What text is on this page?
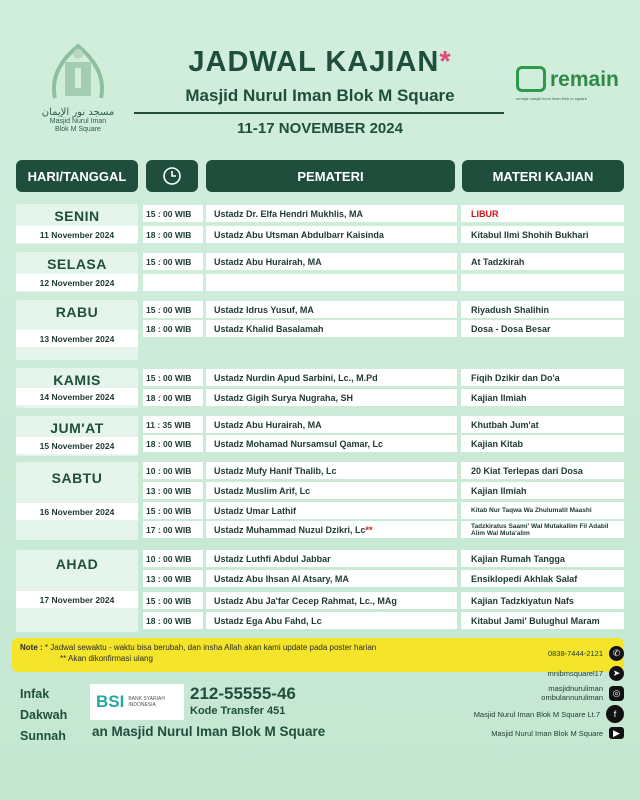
مسجد نور الإيمان
Masjid Nurul Iman
Blok M Square
JADWAL KAJIAN*
Masjid Nurul Iman Blok M Square
11-17 NOVEMBER 2024
remain
remaja masjid nurul iman blok m square
HARI/TANGGAL	PEMATERI	MATERI KAJIAN
SENIN
11 November 2024
15 : 00 WIB	Ustadz Dr. Elfa Hendri Mukhlis, MA	LIBUR
18 : 00 WIB	Ustadz Abu Utsman Abdulbarr Kaisinda	Kitabul Ilmi Shohih Bukhari
SELASA
12 November 2024
15 : 00 WIB	Ustadz Abu Hurairah, MA	At Tadzkirah
RABU
13 November 2024
15 : 00 WIB	Ustadz Idrus Yusuf, MA	Riyadush Shalihin
18 : 00 WIB	Ustadz Khalid Basalamah	Dosa - Dosa Besar
KAMIS
14 November 2024
15 : 00 WIB	Ustadz Nurdin Apud Sarbini, Lc., M.Pd	Fiqih Dzikir dan Do'a
18 : 00 WIB	Ustadz Gigih Surya Nugraha, SH	Kajian Ilmiah
JUM'AT
15 November 2024
11 : 35 WIB	Ustadz Abu Hurairah, MA	Khutbah Jum'at
18 : 00 WIB	Ustadz Mohamad Nursamsul Qamar, Lc	Kajian Kitab
SABTU
16 November 2024
10 : 00 WIB	Ustadz Mufy Hanif Thalib, Lc	20 Kiat Terlepas dari Dosa
13 : 00 WIB	Ustadz Muslim Arif, Lc	Kajian Ilmiah
15 : 00 WIB	Ustadz Umar Lathif	Kitab Nur Taqwa Wa Zhulumatil Maashi
17 : 00 WIB	Ustadz Muhammad Nuzul Dzikri, Lc **	Tadzkiratus Saami' Wal Mutakallim Fil Adabil Alim Wal Muta'alim
AHAD
17 November 2024
10 : 00 WIB	Ustadz Luthfi Abdul Jabbar	Kajian Rumah Tangga
13 : 00 WIB	Ustadz Abu Ihsan Al Atsary, MA	Ensiklopedi Akhlak Salaf
15 : 00 WIB	Ustadz Abu Ja'far Cecep Rahmat, Lc., MAg	Kajian Tadzkiyatun Nafs
18 : 00 WIB	Ustadz Ega Abu Fahd, Lc	Kitabul Jami' Bulughul Maram
Note : * Jadwal sewaktu - waktu bisa berubah, dan insha Allah akan kami update pada poster harian
** Akan dikonfirmasi ulang
Infak
Dakwah
Sunnah
BSI BANK SYARIAH INDONESIA
212-55555-46
Kode Transfer 451
an Masjid Nurul Iman Blok M Square
0838-7444-2121	✆
mnibmsquarel17	➤
masjidnuruliman
ombulannuruliman	◎
Masjid Nurul Iman Blok M Square Lt.7	f
Masjid Nurul Iman Blok M Square	▶
